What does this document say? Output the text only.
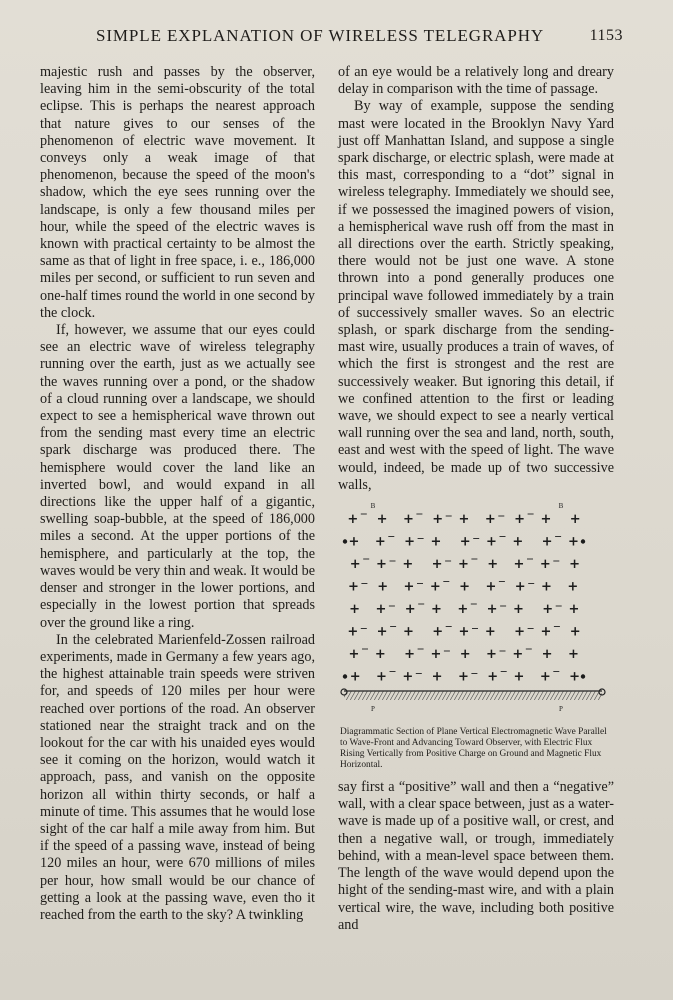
SIMPLE EXPLANATION OF WIRELESS TELEGRAPHY	1153

majestic rush and passes by the observer, leaving him in the semi-obscurity of the total eclipse. This is perhaps the nearest approach that nature gives to our senses of the phenomenon of electric wave movement. It conveys only a weak image of that phenomenon, because the speed of the moon's shadow, which the eye sees running over the landscape, is only a few thousand miles per hour, while the speed of the electric waves is known with practical certainty to be almost the same as that of light in free space, i. e., 186,000 miles per second, or sufficient to run seven and one-half times round the world in one second by the clock.

If, however, we assume that our eyes could see an electric wave of wireless telegraphy running over the earth, just as we actually see the waves running over a pond, or the shadow of a cloud running over a landscape, we should expect to see a hemispherical wave thrown out from the sending mast every time an electric spark discharge was produced there. The hemisphere would cover the land like an inverted bowl, and would expand in all directions like the upper half of a gigantic, swelling soap-bubble, at the speed of 186,000 miles a second. At the upper portions of the hemisphere, and particularly at the top, the waves would be very thin and weak. It would be denser and stronger in the lower portions, and especially in the lowest portion that spreads over the ground like a ring.

In the celebrated Marienfeld-Zossen railroad experiments, made in Germany a few years ago, the highest attainable train speeds were striven for, and speeds of 120 miles per hour were reached over portions of the road. An observer stationed near the straight track and on the lookout for the car with his unaided eyes would see it coming on the horizon, would watch it approach, pass, and vanish on the opposite horizon all within thirty seconds, or half a minute of time. This assumes that he would lose sight of the car half a mile away from him. But if the speed of a passing wave, instead of being 120 miles an hour, were 670 millions of miles per hour, how small would be our chance of getting a look at the passing wave, even tho it reached from the earth to the sky? A twinkling

of an eye would be a relatively long and dreary delay in comparison with the time of passage.

By way of example, suppose the sending mast were located in the Brooklyn Navy Yard just off Manhattan Island, and suppose a single spark discharge, or electric splash, were made at this mast, corresponding to a “dot” signal in wireless telegraphy. Immediately we should see, if we possessed the imagined powers of vision, a hemispherical wave rush off from the mast in all directions over the earth. Strictly speaking, there would not be just one wave. A stone thrown into a pond generally produces one principal wave followed immediately by a train of successively smaller waves. So an electric splash, or spark discharge from the sending-mast wire, usually produces a train of waves, of which the first is strongest and the rest are successively weaker. But ignoring this detail, if we confined attention to the first or leading wave, we should expect to see a nearly vertical wall running over the sea and land, north, south, east and west with the speed of light. The wave would, indeed, be made up of two successive walls,

B	B
+ + + + + + + + +
+ + + + + + + + +
+ + + + + + + + +
+ + + + + + + + +
+ + + + + + + + +
+ + + + + + + + +
+ + + + + + + + +
+ + + + + + + + +
P	P
Diagrammatic Section of Plane Vertical Electromagnetic Wave Parallel to Wave-Front and Advancing Toward Observer, with Electric Flux Rising Vertically from Positive Charge on Ground and Magnetic Flux Horizontal.

say first a “positive” wall and then a “negative” wall, with a clear space between, just as a water-wave is made up of a positive wall, or crest, and then a negative wall, or trough, immediately behind, with a mean-level space between them. The length of the wave would depend upon the hight of the sending-mast wire, and with a plain vertical wire, the wave, including both positive and
